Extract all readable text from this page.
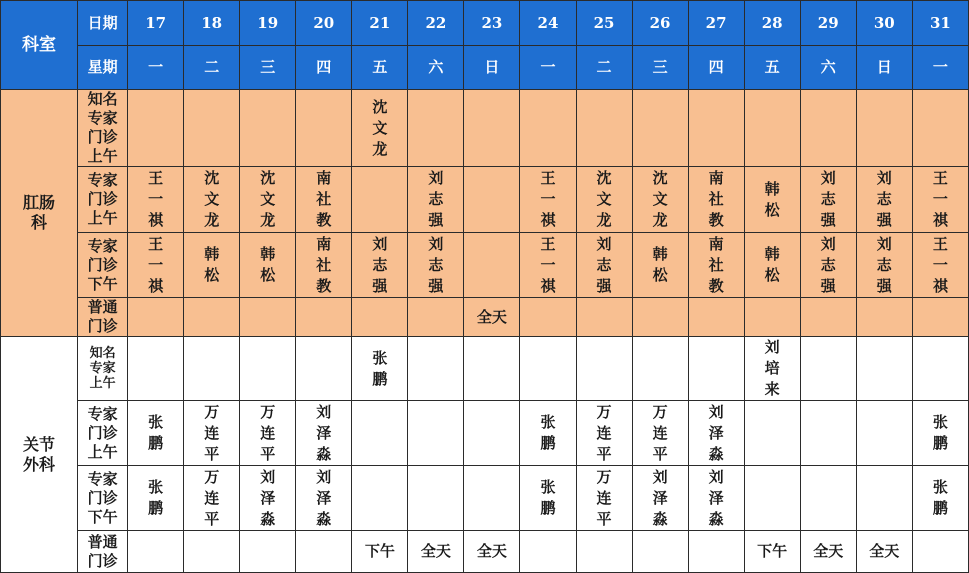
科室	日期	17	18	19	20	21	22	23	24	25	26	27	28	29	30	31
	星期	一	二	三	四	五	六	日	一	二	三	四	五	六	日	一

肛肠
科	知名
专家
门诊
上午					沈
文
龙										

	专家
门诊
上午	王
一
祺	沈
文
龙	沈
文
龙	南
社
教		刘
志
强		王
一
祺	沈
文
龙	沈
文
龙	南
社
教	韩
松	刘
志
强	刘
志
强	王
一
祺

	专家
门诊
下午	王
一
祺	韩
松	韩
松	南
社
教	刘
志
强	刘
志
强		王
一
祺	刘
志
强	韩
松	南
社
教	韩
松	刘
志
强	刘
志
强	王
一
祺

	普通
门诊							全天								

关节
外科	知名
专家
上午					张
鹏							刘
培
来			

	专家
门诊
上午	张
鹏	万
连
平	万
连
平	刘
泽
淼				张
鹏	万
连
平	万
连
平	刘
泽
淼				张
鹏

	专家
门诊
下午	张
鹏	万
连
平	刘
泽
淼	刘
泽
淼				张
鹏	万
连
平	刘
泽
淼	刘
泽
淼				张
鹏

	普通
门诊					下午	全天	全天					下午	全天	全天	
